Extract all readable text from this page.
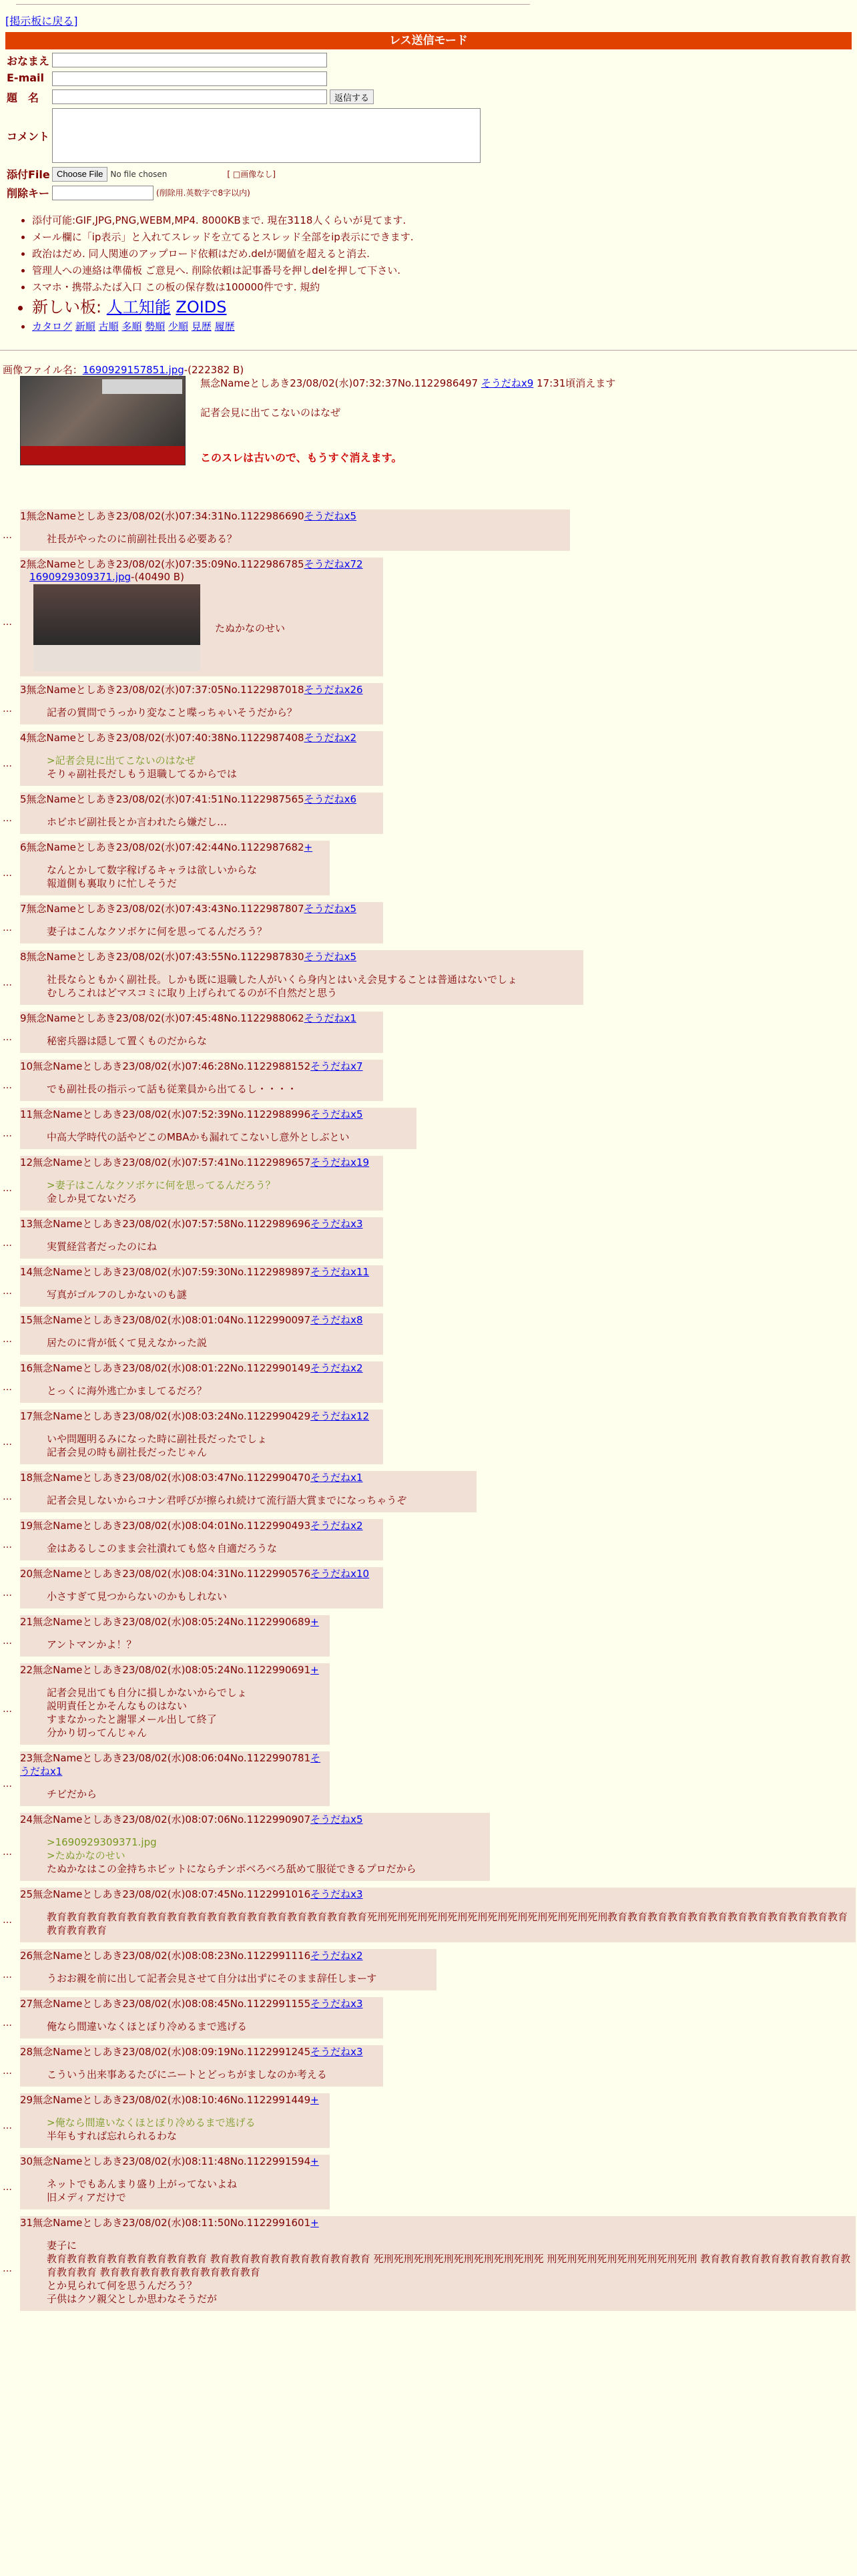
[掲示板に戻る]
レス送信モード
おなまえ
E-mail
題　名	返信する
コメント
添付File Choose File No file chosen	[ □画像なし]
削除キー	(削除用.英数字で8字以内)
• 添付可能:GIF,JPG,PNG,WEBM,MP4. 8000KBまで. 現在3118人くらいが見てます.
• メール欄に「ip表示」と入れてスレッドを立てるとスレッド全部をip表示にできます.
• 政治はだめ. 同人関連のアップロード依頼はだめ.delが閾値を超えると消去.
• 管理人への連絡は準備板 ご意見へ. 削除依頼は記事番号を押しdelを押して下さい.
• スマホ・携帯ふたば入口 この板の保存数は100000件です. 規約
• 新しい板: 人工知能 ZOIDS
• カタログ 新順 古順 多順 勢順 少順 見歴 履歴
画像ファイル名：1690929157851.jpg-(222382 B)
無念Nameとしあき23/08/02(水)07:32:37No.1122986497 そうだねx9 17:31頃消えます
記者会見に出てこないのはなぜ
このスレは古いので、もうすぐ消えます。
…
1無念Nameとしあき23/08/02(水)07:34:31No.1122986690そうだねx5
社長がやったのに前副社長出る必要ある？
…
2無念Nameとしあき23/08/02(水)07:35:09No.1122986785そうだねx72
1690929309371.jpg-(40490 B)
たぬかなのせい
…
3無念Nameとしあき23/08/02(水)07:37:05No.1122987018そうだねx26
記者の質問でうっかり変なこと喋っちゃいそうだから？
…
4無念Nameとしあき23/08/02(水)07:40:38No.1122987408そうだねx2
>記者会見に出てこないのはなぜ
そりゃ副社長だしもう退職してるからでは
…
5無念Nameとしあき23/08/02(水)07:41:51No.1122987565そうだねx6
ホビホビ副社長とか言われたら嫌だし…
…
6無念Nameとしあき23/08/02(水)07:42:44No.1122987682+
なんとかして数字稼げるキャラは欲しいからな
報道側も裏取りに忙しそうだ
…
7無念Nameとしあき23/08/02(水)07:43:43No.1122987807そうだねx5
妻子はこんなクソボケに何を思ってるんだろう？
…
8無念Nameとしあき23/08/02(水)07:43:55No.1122987830そうだねx5
社長ならともかく副社長。しかも既に退職した人がいくら身内とはいえ会見することは普通はないでしょ
むしろこれはどマスコミに取り上げられてるのが不自然だと思う
…
9無念Nameとしあき23/08/02(水)07:45:48No.1122988062そうだねx1
秘密兵器は隠して置くものだからな
…
10無念Nameとしあき23/08/02(水)07:46:28No.1122988152そうだねx7
でも副社長の指示って話も従業員から出てるし・・・・
…
11無念Nameとしあき23/08/02(水)07:52:39No.1122988996そうだねx5
中高大学時代の話やどこのMBAかも漏れてこないし意外としぶとい
…
12無念Nameとしあき23/08/02(水)07:57:41No.1122989657そうだねx19
>妻子はこんなクソボケに何を思ってるんだろう？
金しか見てないだろ
…
13無念Nameとしあき23/08/02(水)07:57:58No.1122989696そうだねx3
実質経営者だったのにね
…
14無念Nameとしあき23/08/02(水)07:59:30No.1122989897そうだねx11
写真がゴルフのしかないのも謎
…
15無念Nameとしあき23/08/02(水)08:01:04No.1122990097そうだねx8
居たのに背が低くて見えなかった説
…
16無念Nameとしあき23/08/02(水)08:01:22No.1122990149そうだねx2
とっくに海外逃亡かましてるだろ？
…
17無念Nameとしあき23/08/02(水)08:03:24No.1122990429そうだねx12
いや問題明るみになった時に副社長だったでしょ
記者会見の時も副社長だったじゃん
…
18無念Nameとしあき23/08/02(水)08:03:47No.1122990470そうだねx1
記者会見しないからコナン君呼びが擦られ続けて流行語大賞までになっちゃうぞ
…
19無念Nameとしあき23/08/02(水)08:04:01No.1122990493そうだねx2
金はあるしこのまま会社潰れても悠々自適だろうな
…
20無念Nameとしあき23/08/02(水)08:04:31No.1122990576そうだねx10
小さすぎて見つからないのかもしれない
…
21無念Nameとしあき23/08/02(水)08:05:24No.1122990689+
アントマンかよ！？
…
22無念Nameとしあき23/08/02(水)08:05:24No.1122990691+
記者会見出ても自分に損しかないからでしょ
説明責任とかそんなものはない
すまなかったと謝罪メール出して終了
分かり切ってんじゃん
…
23無念Nameとしあき23/08/02(水)08:06:04No.1122990781そうだねx1
チビだから
…
24無念Nameとしあき23/08/02(水)08:07:06No.1122990907そうだねx5
>1690929309371.jpg
>たぬかなのせい
たぬかなはこの金持ちホビットにならチンポベろべろ舐めて服従できるプロだから
…
25無念Nameとしあき23/08/02(水)08:07:45No.1122991016そうだねx3
教育教育教育教育教育教育教育教育教育教育教育教育教育教育教育教育死刑死刑死刑死刑死刑死刑死刑死刑死刑死刑死刑死刑教育教育教育教育教育教育教育教育教育教育教育教育教育教育教育
…
26無念Nameとしあき23/08/02(水)08:08:23No.1122991116そうだねx2
うおお親を前に出して記者会見させて自分は出ずにそのまま辞任しまーす
…
27無念Nameとしあき23/08/02(水)08:08:45No.1122991155そうだねx3
俺なら間違いなくほとぼり冷めるまで逃げる
…
28無念Nameとしあき23/08/02(水)08:09:19No.1122991245そうだねx3
こういう出来事あるたびにニートとどっちがましなのか考える
…
29無念Nameとしあき23/08/02(水)08:10:46No.1122991449+
>俺なら間違いなくほとぼり冷めるまで逃げる
半年もすれば忘れられるわな
…
30無念Nameとしあき23/08/02(水)08:11:48No.1122991594+
ネットでもあんまり盛り上がってないよね
旧メディアだけで
…
31無念Nameとしあき23/08/02(水)08:11:50No.1122991601+
妻子に
教育教育教育教育教育教育教育教育 教育教育教育教育教育教育教育教育 死刑死刑死刑死刑死刑死刑死刑死刑死 刑死刑死刑死刑死刑死刑死刑死刑 教育教育教育教育教育教育教育教育教育教育 教育教育教育教育教育教育教育教育
とか見られて何を思うんだろう？
子供はクソ親父としか思わなそうだが
